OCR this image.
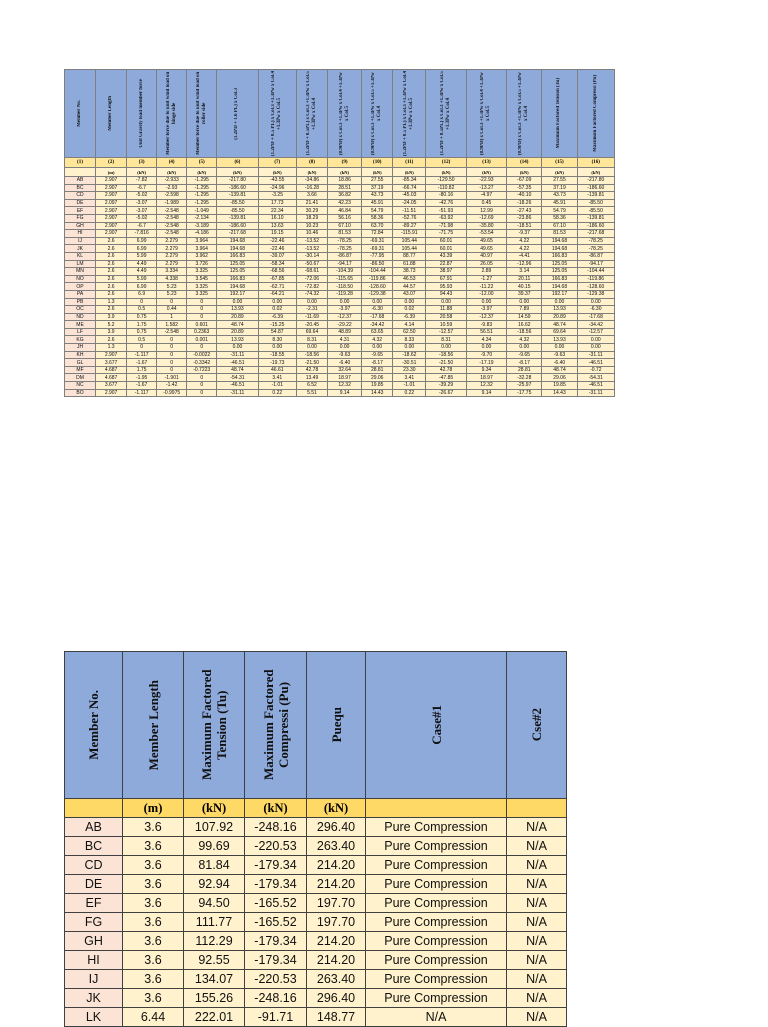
Member No.	Member Length	Unit Gravity load member force	Member force due to unit wind load on hinge side	Member force due to unit wind load on roller side	(1.2PD + 1.6 PL) x Col.3	(1.2PD + 0.5 PL) x Col.3 +1.3Pw x Col.4 +1.3Pw x Col.5	(1.2PD + 0.5PL) x Col.3 +1.3Pw x Col.5 +1.3Pw x Col.4	(0.9PD) x Col.3 +1.3Pw x Col.4 +1.3Pw x Col.5	(0.9PD) x Col.3 +1.3Pw x Col.5 +1.3Pw x Col.4	(1.2PD + 0.5 PL) x Col.3 +1.3Pw x Col.4 +1.3Pw x Col.5	(1.2PD + 0.5PL) x Col.3 +1.3Pw x Col.5 +1.3Pw x Col.4	(0.9PD) x Col.3 +1.3Pw x Col.4 +1.3Pw x Col.5	(0.9PD) x Col.3 +1.3Pw x Col.5 +1.3Pw x Col.4	Maximum Factored Tension (Tu)	Maximum Factored Compressi (Pu)

(1)	(2)	(3)	(4)	(5)	(6)	(7)	(8)	(9)	(10)	(11)	(12)	(13)	(14)	(15)	(16)
	(m)	(kN)	(kN)	(kN)	(kN)	(kN)	(kN)	(kN)	(kN)	(kN)	(kN)	(kN)	(kN)	(kN)	(kN)
AB	2.907	-7.82	-2.933	-1.295	-217.80	-43.55	-34.86	18.86	27.55	-85.34	-129.50	-22.93	-67.09	27.55	-217.80
BC	2.907	-6.7	-2.93	-1.295	-186.60	-24.96	-16.28	28.51	37.19	-66.74	-110.82	-13.27	-57.35	37.19	-186.60
CD	2.907	-5.02	-2.598	-1.295	-139.81	-3.25	3.66	36.82	43.73	-45.03	-80.16	-4.97	-40.10	43.73	-139.81
DE	2.097	-3.07	-1.989	-1.295	-85.50	17.73	21.41	42.23	45.91	-24.05	-42.76	0.45	-18.26	45.91	-85.50
EF	2.907	-3.07	-2.548	-1.049	-85.50	22.34	30.29	46.84	54.79	-11.51	-51.93	12.99	-27.43	54.79	-85.50
FG	2.907	-5.02	-2.548	-2.134	-139.81	16.10	18.29	56.16	58.36	-52.76	-63.92	-12.69	-23.86	58.36	-139.81
GH	2.907	-6.7	-2.548	-3.189	-186.60	13.63	10.23	67.10	63.70	-89.27	-71.98	-35.80	-18.51	67.10	-186.60
HI	2.907	-7.816	-2.548	-4.186	-217.68	19.15	10.46	81.53	72.84	-115.91	-71.75	-53.54	-9.37	81.53	-217.68
IJ	2.6	6.99	2.279	3.964	194.68	-22.46	-13.52	-78.25	-69.31	105.44	60.01	49.65	4.22	194.68	-78.25
JK	2.6	6.99	2.279	3.964	194.68	-22.46	-13.52	-78.25	-69.31	105.44	60.01	49.65	4.22	194.68	-78.25
KL	2.6	5.99	2.279	3.962	166.83	-39.07	-30.14	-86.87	-77.95	88.77	43.39	40.97	-4.41	166.83	-86.87
LM	2.6	4.49	2.279	3.726	125.05	-58.34	-50.67	-94.17	-86.50	61.88	22.87	26.05	-12.96	125.05	-94.17
MN	2.6	4.49	3.334	3.325	125.05	-68.56	-68.61	-104.39	-104.44	38.73	38.97	2.89	3.14	125.05	-104.44
NO	2.6	5.99	4.338	3.545	166.83	-67.85	-72.06	-115.65	-119.86	46.53	67.91	-1.27	20.11	166.83	-119.86
OP	2.6	6.99	5.23	3.325	194.68	-62.71	-72.82	-118.50	-128.60	44.57	95.93	-11.22	40.15	194.68	-128.60
PA	2.6	6.9	5.23	3.325	192.17	-64.21	-74.32	-119.28	-129.38	43.07	94.43	-12.00	39.37	192.17	-129.38
PB	1.3	0	0	0	0.00	0.00	0.00	0.00	0.00	0.00	0.00	0.00	0.00	0.00	0.00
OC	2.6	0.5	0.44	0	13.93	0.02	-2.31	-3.97	-6.30	0.02	11.88	-3.97	7.89	13.93	-6.30
ND	3.9	0.75	1	0	20.89	-6.39	-11.69	-12.37	-17.68	-6.39	20.58	-12.37	14.59	20.89	-17.68
ME	5.2	1.75	1.582	0.601	48.74	-15.25	-20.45	-29.22	-34.42	4.14	10.59	-9.83	16.62	48.74	-34.42
LF	3.9	0.75	-2.548	0.2363	20.89	54.87	69.64	48.89	63.65	62.50	-12.57	56.51	-18.56	69.64	-12.57
KG	2.6	0.5	0	0.001	13.93	8.30	8.31	4.31	4.32	8.33	8.31	4.34	4.32	13.93	0.00
JH	1.3	0	0	0	0.00	0.00	0.00	0.00	0.00	0.00	0.00	0.00	0.00	0.00	0.00
KH	2.907	-1.117	0	-0.0022	-31.11	-18.55	-18.56	-9.63	-9.65	-18.62	-18.56	-9.70	-9.65	-9.63	-31.11
GL	3.677	-1.67	0	-0.3342	-46.51	-19.73	-21.50	-6.40	-8.17	-30.51	-21.50	-17.19	-8.17	-6.40	-46.51
MF	4.687	1.75	0	-0.7223	48.74	46.61	42.78	32.64	28.81	23.30	42.78	9.34	28.81	48.74	-0.72
DM	4.687	-1.95	-1.901	0	-54.31	3.41	13.49	18.97	29.06	3.41	-47.85	18.97	-32.28	29.06	-54.31
NC	3.677	-1.67	-1.42	0	-46.51	-1.01	6.52	12.32	19.85	-1.01	-39.29	12.32	-25.97	19.85	-46.51
BO	2.907	-1.117	-0.9975	0	-31.11	0.22	5.51	9.14	14.43	0.22	-26.67	9.14	-17.75	14.43	-31.11
Member No.	Member Length	Maximum Factored Tension (Tu)	Maximum Factored Compressi (Pu)	Puequ	Case#1	Cse#2

	(m)	(kN)	(kN)	(kN)		
AB	3.6	107.92	-248.16	296.40	Pure Compression	N/A
BC	3.6	99.69	-220.53	263.40	Pure Compression	N/A
CD	3.6	81.84	-179.34	214.20	Pure Compression	N/A
DE	3.6	92.94	-179.34	214.20	Pure Compression	N/A
EF	3.6	94.50	-165.52	197.70	Pure Compression	N/A
FG	3.6	111.77	-165.52	197.70	Pure Compression	N/A
GH	3.6	112.29	-179.34	214.20	Pure Compression	N/A
HI	3.6	92.55	-179.34	214.20	Pure Compression	N/A
IJ	3.6	134.07	-220.53	263.40	Pure Compression	N/A
JK	3.6	155.26	-248.16	296.40	Pure Compression	N/A
LK	6.44	222.01	-91.71	148.77	N/A	N/A
